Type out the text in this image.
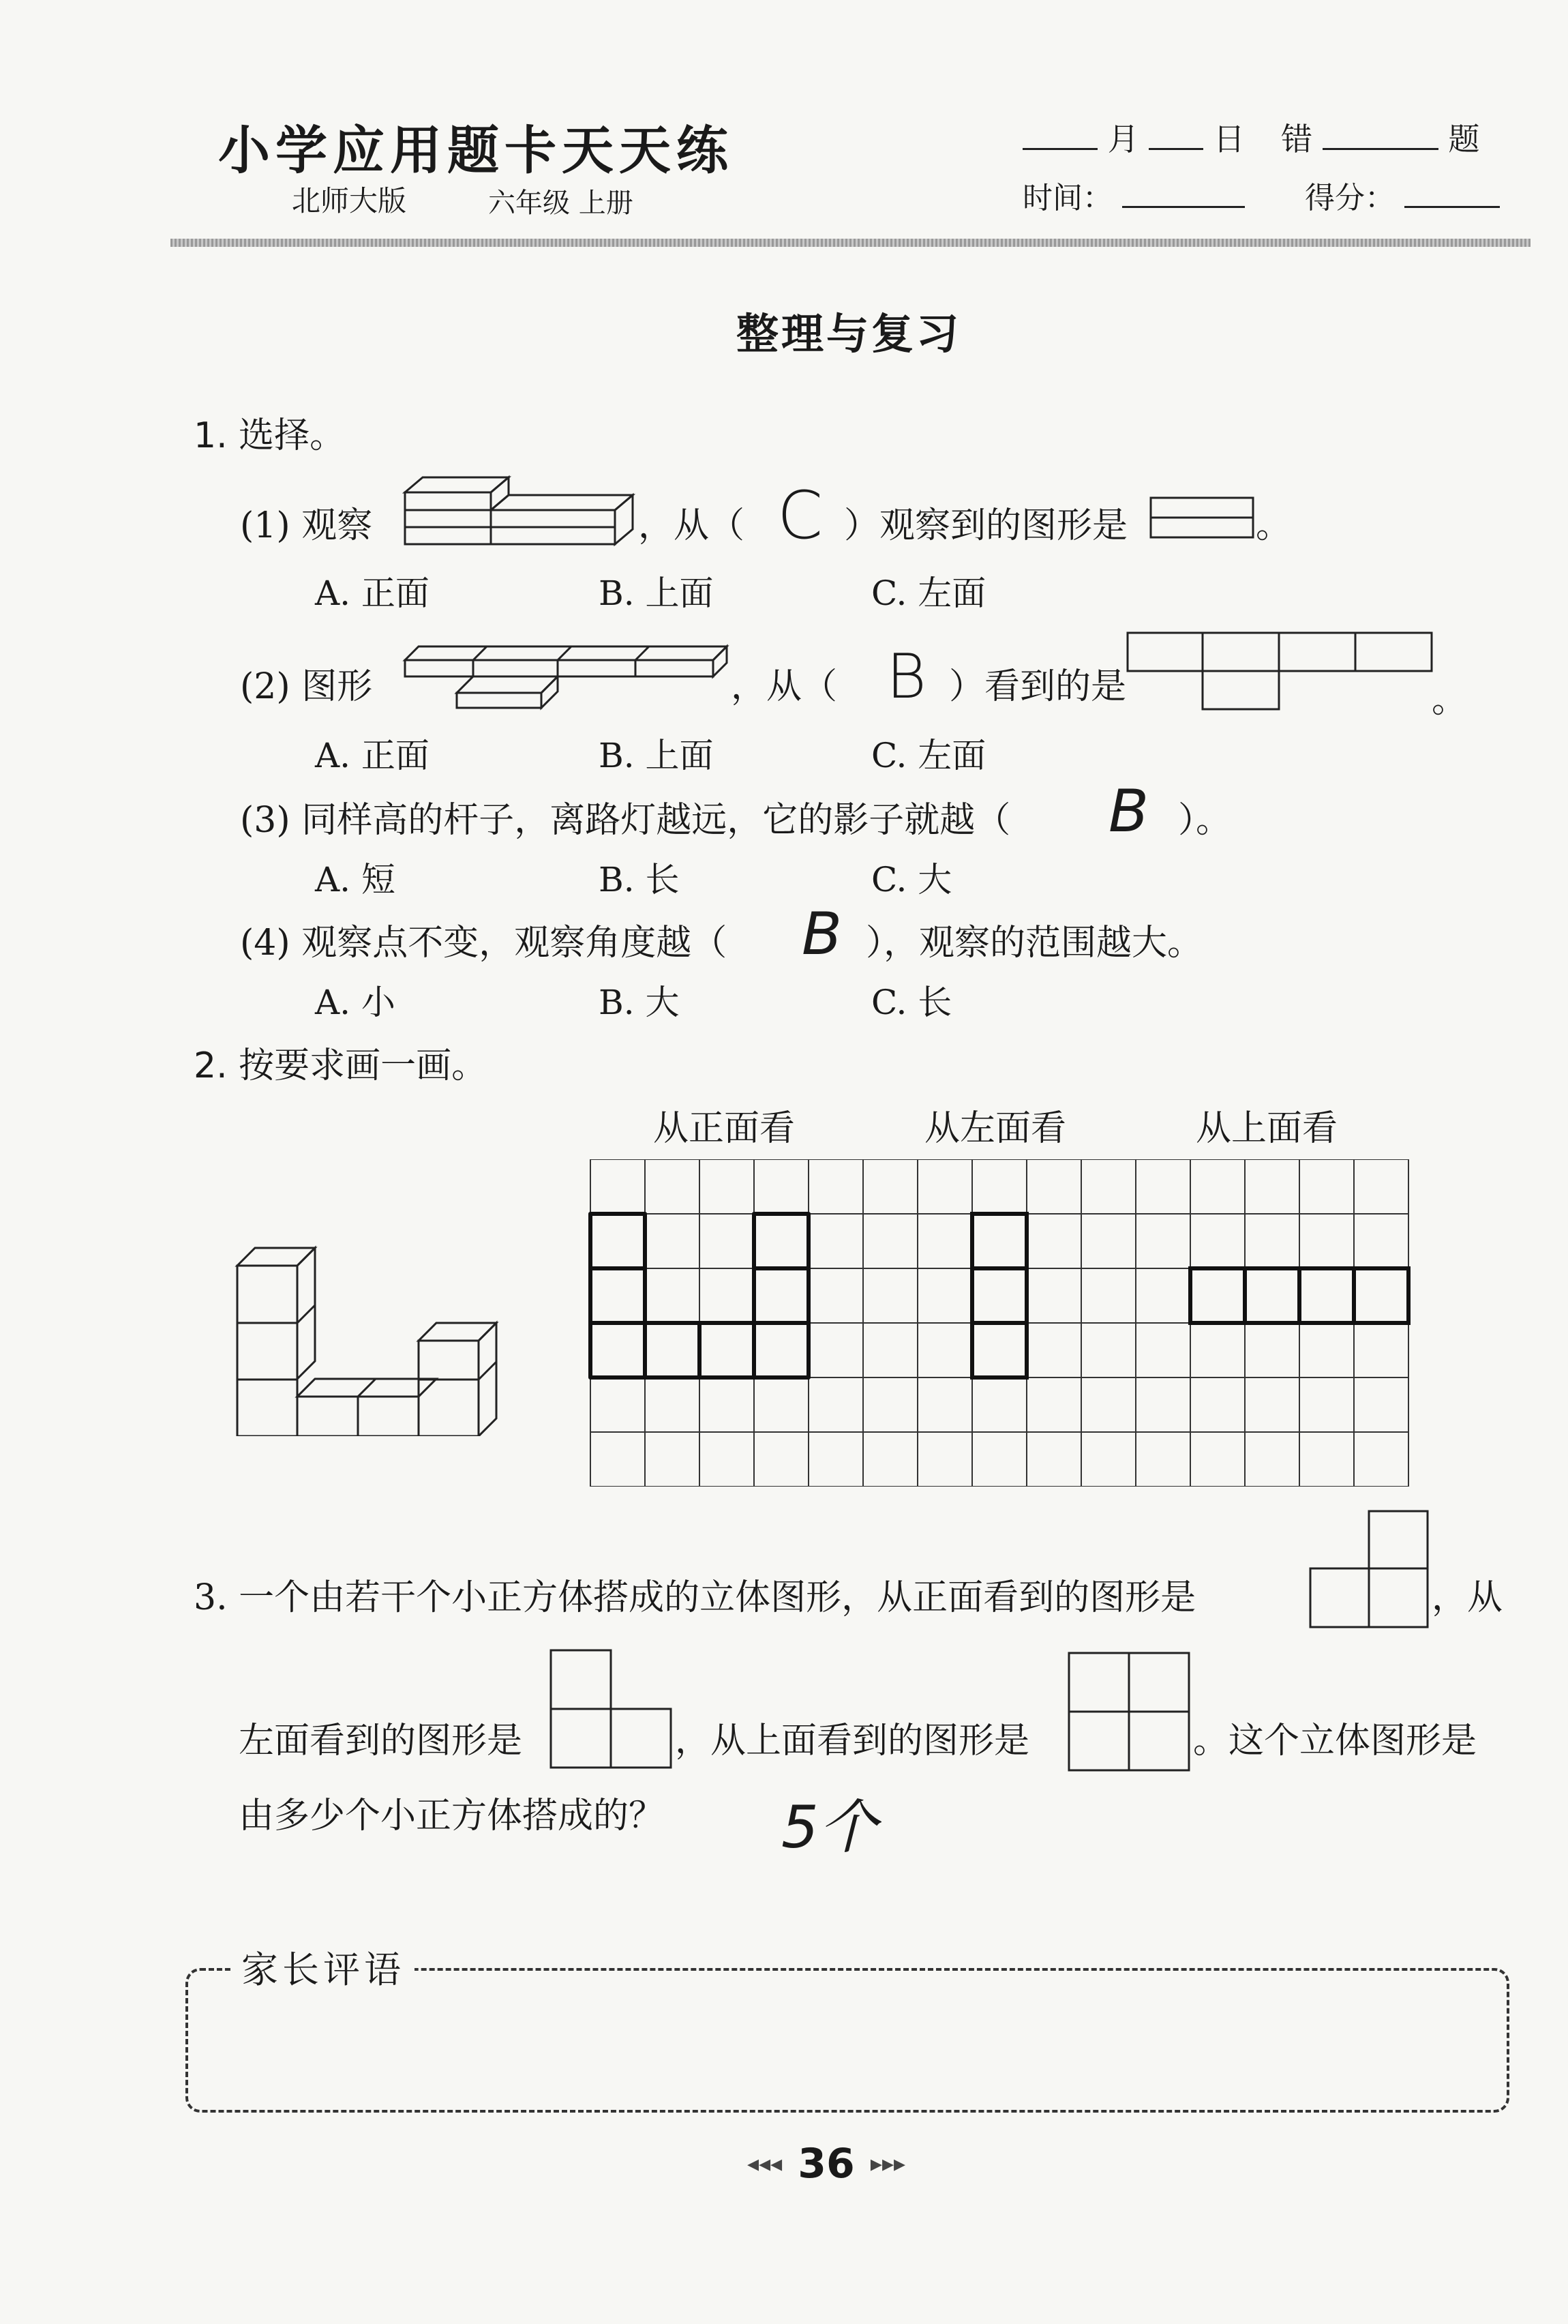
小学应用题卡天天练
北师大版	六年级 上册
月 日 错	题
时间：	得分：
整理与复习
1. 选择。
(1) 观察	，从（ C ）观察到的图形是	。
A. 正面	B. 上面	C. 左面
(2) 图形	，从（ B ）看到的是	。
A. 正面	B. 上面	C. 左面
(3) 同样高的杆子，离路灯越远，它的影子就越（ B ）。
A. 短	B. 长	C. 大
(4) 观察点不变，观察角度越（ B ），观察的范围越大。
A. 小	B. 大	C. 长
2. 按要求画一画。
从正面看	从左面看	从上面看
3. 一个由若干个小正方体搭成的立体图形，从正面看到的图形是	，从
左面看到的图形是	，从上面看到的图形是	。这个立体图形是
由多少个小正方体搭成的？ 5个
家长评语
◂◂◂ 36 ▸▸▸
